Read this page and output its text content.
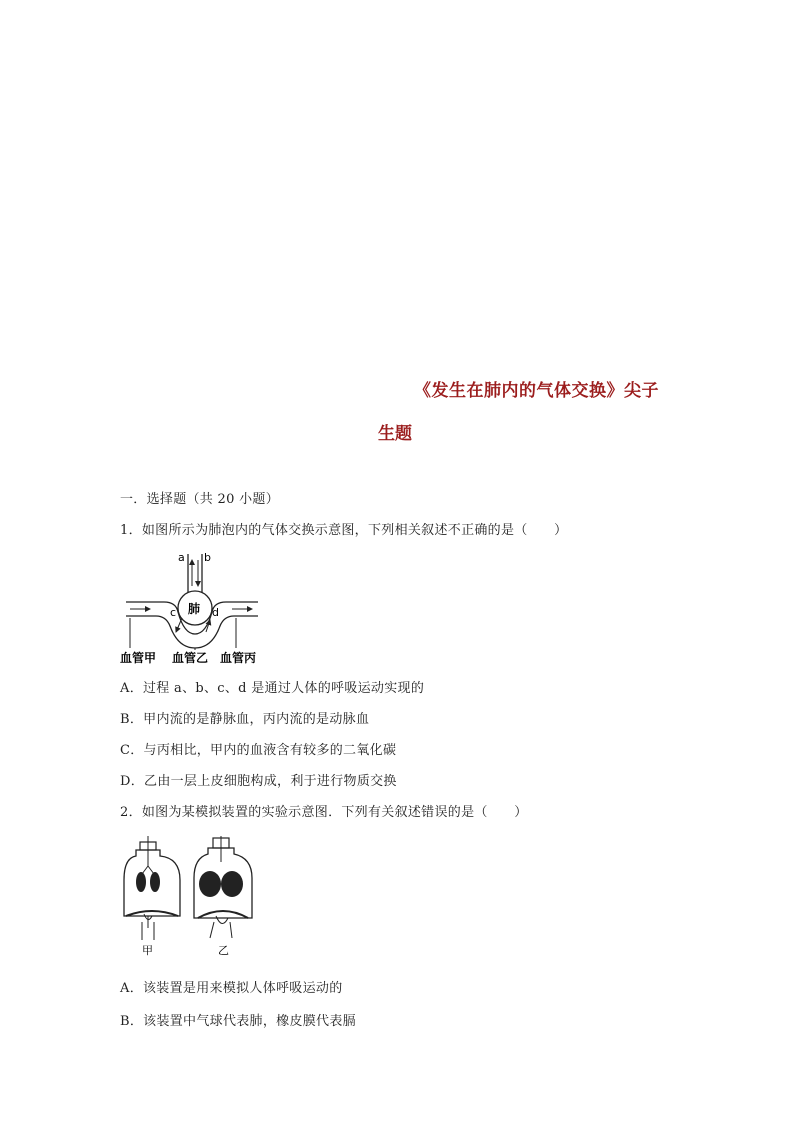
《发生在肺内的气体交换》尖子
生题
一．选择题（共 20 小题）
1．如图所示为肺泡内的气体交换示意图，下列相关叙述不正确的是（　　）
a b
肺
c	d
血管甲 血管乙 血管丙
A．过程 a、b、c、d 是通过人体的呼吸运动实现的
B．甲内流的是静脉血，丙内流的是动脉血
C．与丙相比，甲内的血液含有较多的二氧化碳
D．乙由一层上皮细胞构成，利于进行物质交换
2．如图为某模拟装置的实验示意图．下列有关叙述错误的是（　　）
甲	乙
A．该装置是用来模拟人体呼吸运动的
B．该装置中气球代表肺，橡皮膜代表膈
